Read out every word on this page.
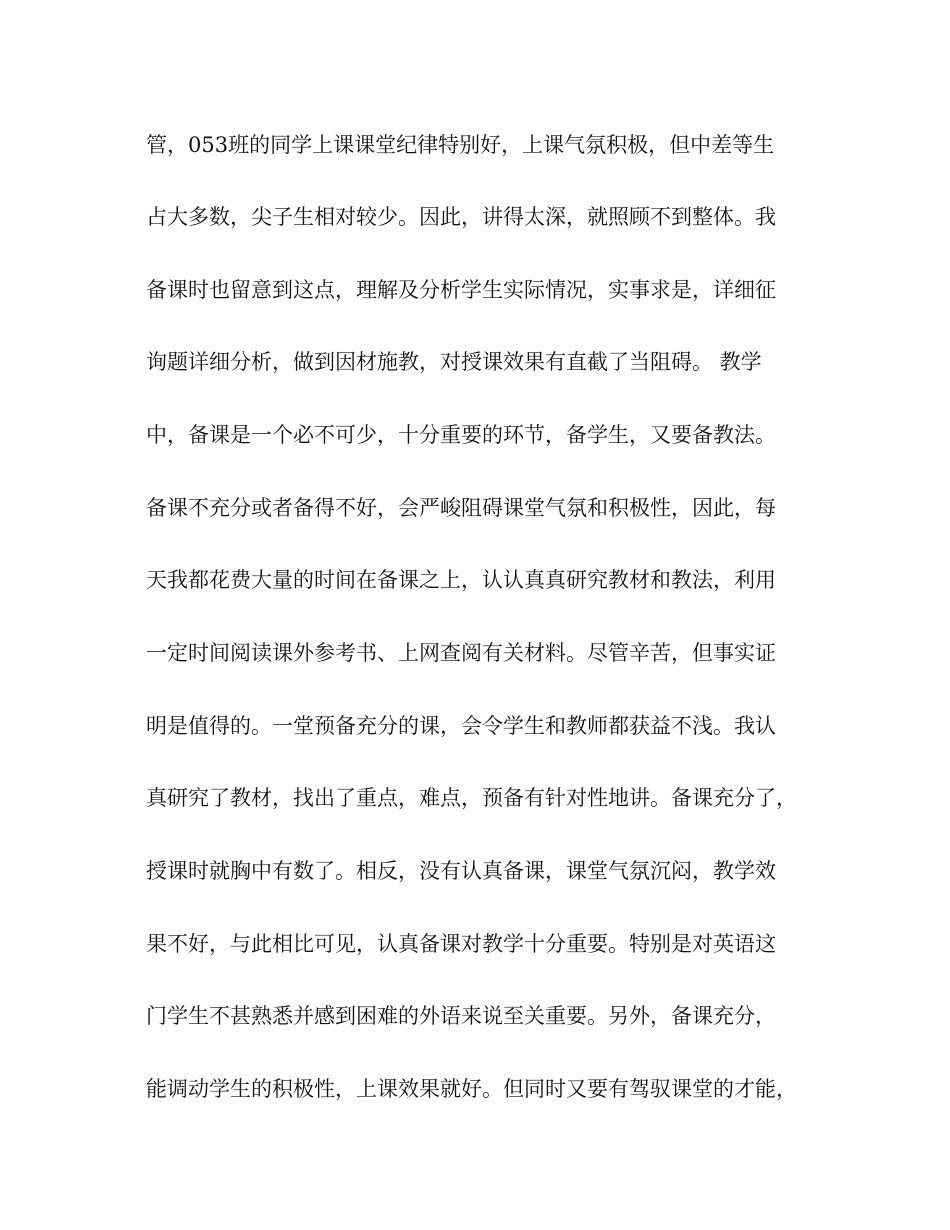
管，053班的同学上课课堂纪律特别好，上课气氛积极，但中差等生

占大多数，尖子生相对较少。因此，讲得太深，就照顾不到整体。我

备课时也留意到这点，理解及分析学生实际情况，实事求是，详细征

询题详细分析，做到因材施教，对授课效果有直截了当阻碍。 教学

中，备课是一个必不可少，十分重要的环节，备学生，又要备教法。

备课不充分或者备得不好，会严峻阻碍课堂气氛和积极性，因此，每

天我都花费大量的时间在备课之上，认认真真研究教材和教法，利用

一定时间阅读课外参考书、上网查阅有关材料。尽管辛苦，但事实证

明是值得的。一堂预备充分的课，会令学生和教师都获益不浅。我认

真研究了教材，找出了重点，难点，预备有针对性地讲。备课充分了，

授课时就胸中有数了。相反，没有认真备课，课堂气氛沉闷，教学效

果不好，与此相比可见，认真备课对教学十分重要。特别是对英语这

门学生不甚熟悉并感到困难的外语来说至关重要。另外，备课充分，

能调动学生的积极性，上课效果就好。但同时又要有驾驭课堂的才能，
